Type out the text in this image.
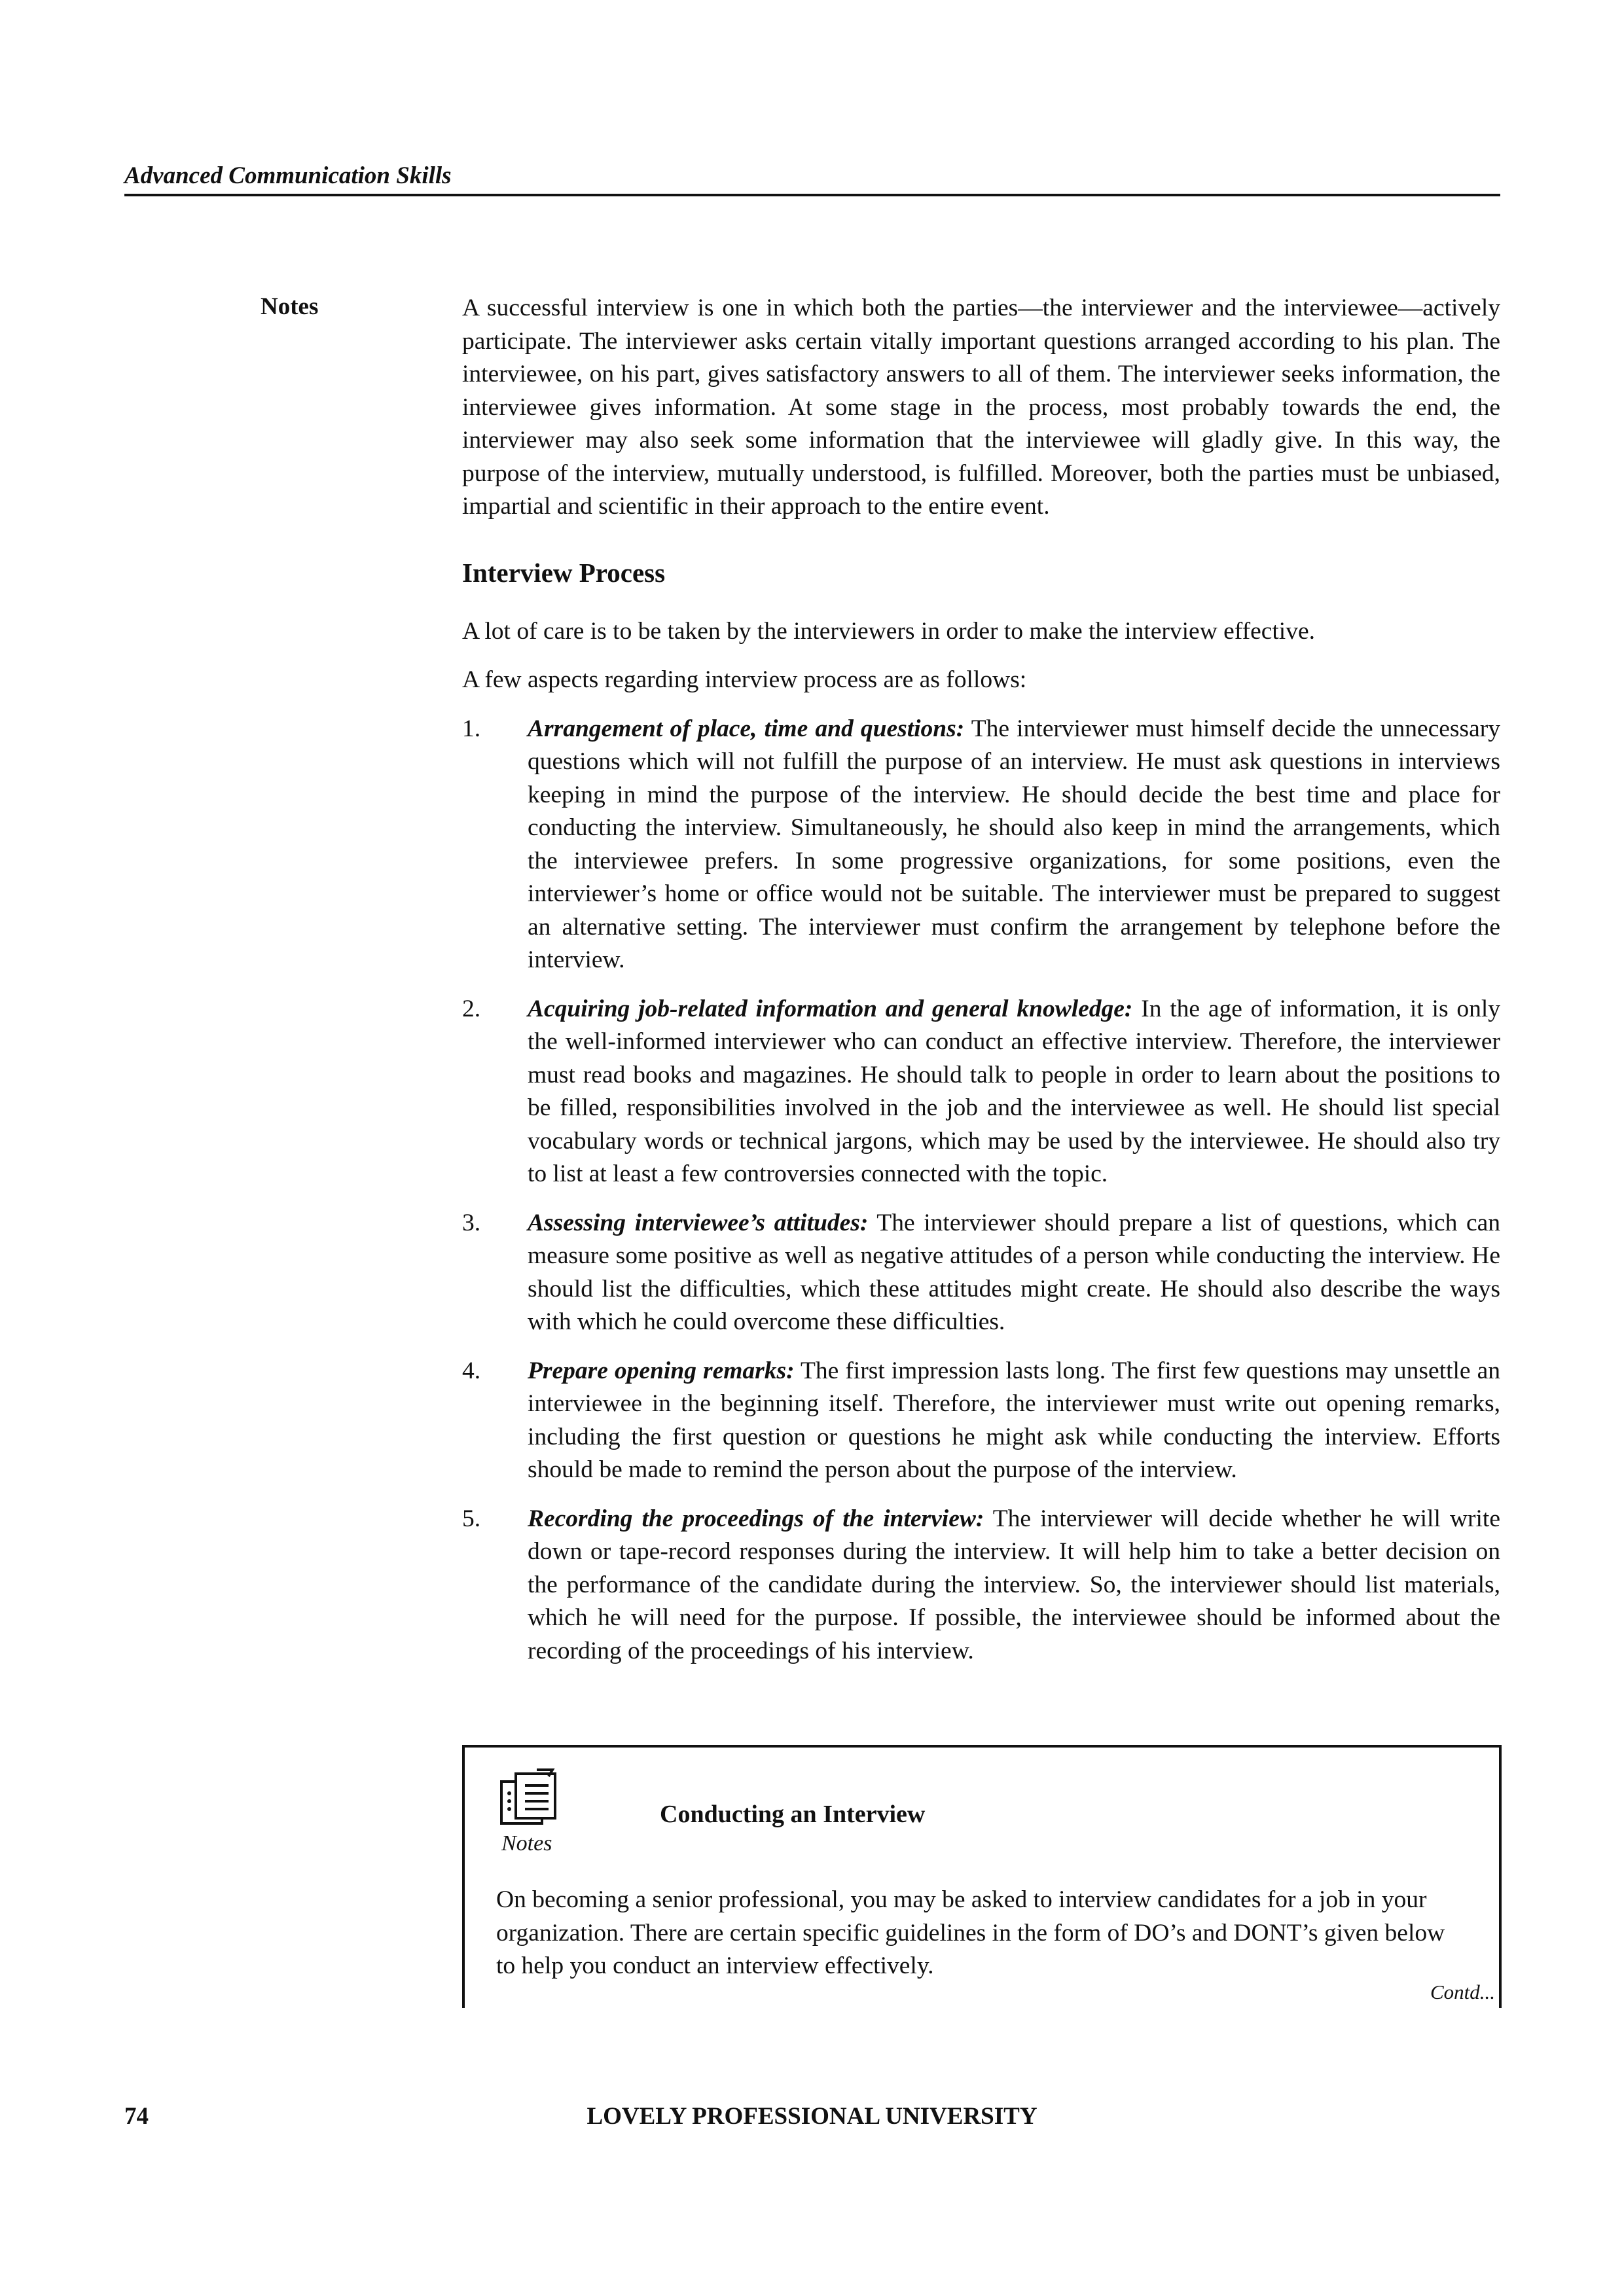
Advanced Communication Skills
Notes	A successful interview is one in which both the parties—the interviewer and the interviewee—actively participate. The interviewer asks certain vitally important questions arranged according to his plan. The interviewee, on his part, gives satisfactory answers to all of them. The interviewer seeks information, the interviewee gives information. At some stage in the process, most probably towards the end, the interviewer may also seek some information that the interviewee will gladly give. In this way, the purpose of the interview, mutually understood, is fulfilled. Moreover, both the parties must be unbiased, impartial and scientific in their approach to the entire event.

Interview Process

A lot of care is to be taken by the interviewers in order to make the interview effective.

A few aspects regarding interview process are as follows:

1. Arrangement of place, time and questions: The interviewer must himself decide the unnecessary questions which will not fulfill the purpose of an interview. He must ask questions in interviews keeping in mind the purpose of the interview. He should decide the best time and place for conducting the interview. Simultaneously, he should also keep in mind the arrangements, which the interviewee prefers. In some progressive organizations, for some positions, even the interviewer’s home or office would not be suitable. The interviewer must be prepared to suggest an alternative setting. The interviewer must confirm the arrangement by telephone before the interview.
2. Acquiring job-related information and general knowledge: In the age of information, it is only the well-informed interviewer who can conduct an effective interview. Therefore, the interviewer must read books and magazines. He should talk to people in order to learn about the positions to be filled, responsibilities involved in the job and the interviewee as well. He should list special vocabulary words or technical jargons, which may be used by the interviewee. He should also try to list at least a few controversies connected with the topic.
3. Assessing interviewee’s attitudes: The interviewer should prepare a list of questions, which can measure some positive as well as negative attitudes of a person while conducting the interview. He should list the difficulties, which these attitudes might create. He should also describe the ways with which he could overcome these difficulties.
4. Prepare opening remarks: The first impression lasts long. The first few questions may unsettle an interviewee in the beginning itself. Therefore, the interviewer must write out opening remarks, including the first question or questions he might ask while conducting the interview. Efforts should be made to remind the person about the purpose of the interview.
5. Recording the proceedings of the interview: The interviewer will decide whether he will write down or tape-record responses during the interview. It will help him to take a better decision on the performance of the candidate during the interview. So, the interviewer should list materials, which he will need for the purpose. If possible, the interviewee should be informed about the recording of the proceedings of his interview.
Notes
Conducting an Interview
On becoming a senior professional, you may be asked to interview candidates for a job in your organization. There are certain specific guidelines in the form of DO’s and DONT’s given below to help you conduct an interview effectively.
Contd...
74	LOVELY PROFESSIONAL UNIVERSITY
